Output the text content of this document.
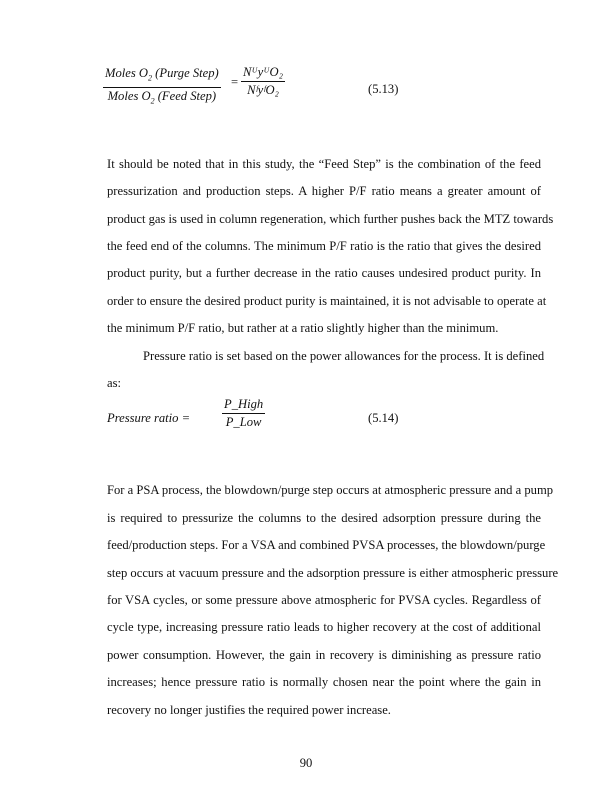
Moles $O_2$ (Purge Step)
Moles $O_2$ (Feed Step)
=
NᵁyᵁO₂
NᶠyᶠO₂	(5.13)
It should be noted that in this study, the “Feed Step” is the combination of the feed
pressurization and production steps. A higher P/F ratio means a greater amount of
product gas is used in column regeneration, which further pushes back the MTZ towards
the feed end of the columns. The minimum P/F ratio is the ratio that gives the desired
product purity, but a further decrease in the ratio causes undesired product purity. In
order to ensure the desired product purity is maintained, it is not advisable to operate at
the minimum P/F ratio, but rather at a ratio slightly higher than the minimum.
Pressure ratio is set based on the power allowances for the process. It is defined
as:
Pressure ratio =
P_High
P_Low	(5.14)
For a PSA process, the blowdown/purge step occurs at atmospheric pressure and a pump
is required to pressurize the columns to the desired adsorption pressure during the
feed/production steps. For a VSA and combined PVSA processes, the blowdown/purge
step occurs at vacuum pressure and the adsorption pressure is either atmospheric pressure
for VSA cycles, or some pressure above atmospheric for PVSA cycles. Regardless of
cycle type, increasing pressure ratio leads to higher recovery at the cost of additional
power consumption. However, the gain in recovery is diminishing as pressure ratio
increases; hence pressure ratio is normally chosen near the point where the gain in
recovery no longer justifies the required power increase.
90
